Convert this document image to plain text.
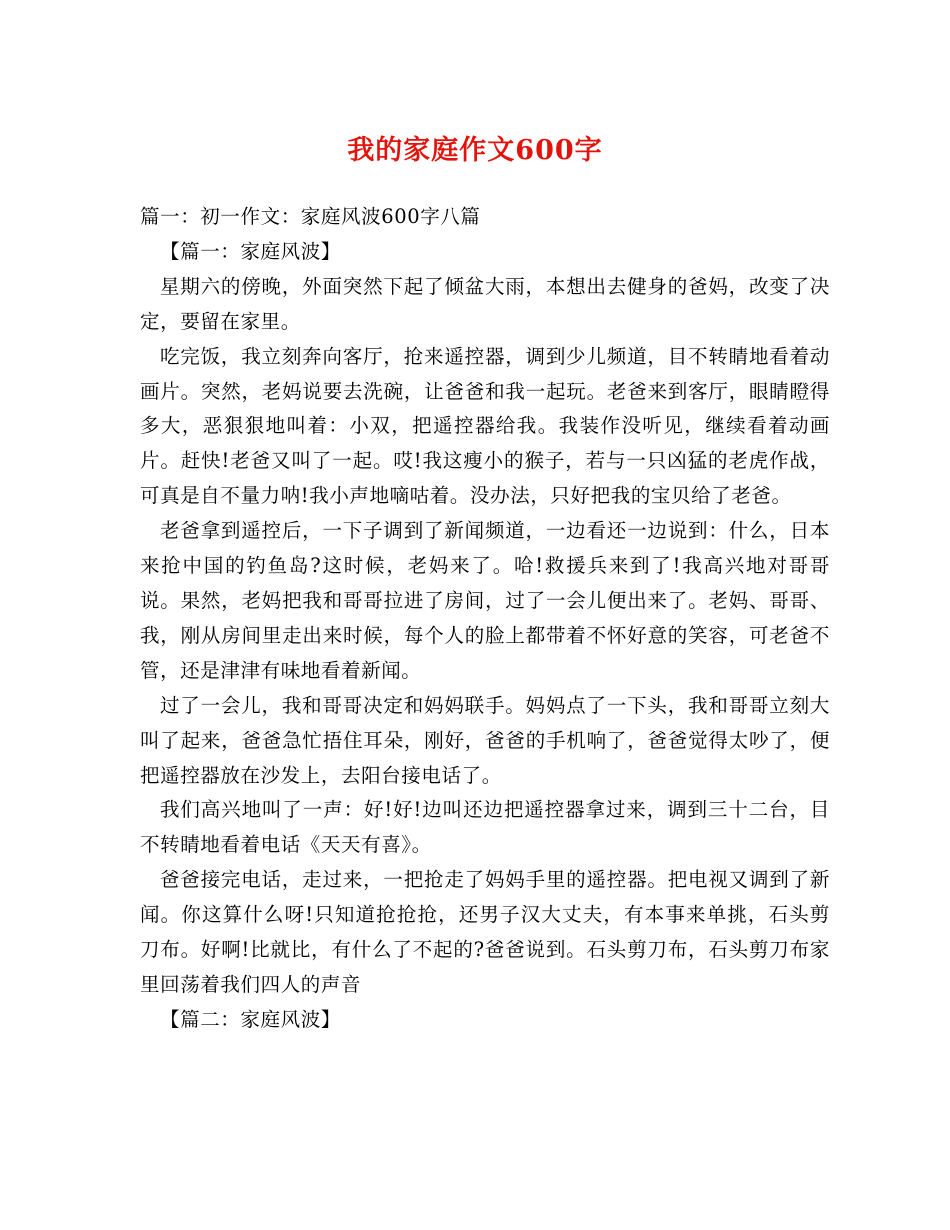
我的家庭作文600字

篇一：初一作文：家庭风波600字八篇

【篇一：家庭风波】

星期六的傍晚，外面突然下起了倾盆大雨，本想出去健身的爸妈，改变了决定，要留在家里。

吃完饭，我立刻奔向客厅，抢来遥控器，调到少儿频道，目不转睛地看着动画片。突然，老妈说要去洗碗，让爸爸和我一起玩。老爸来到客厅，眼睛瞪得多大，恶狠狠地叫着：小双，把遥控器给我。我装作没听见，继续看着动画片。赶快!老爸又叫了一起。哎!我这瘦小的猴子，若与一只凶猛的老虎作战，可真是自不量力呐!我小声地嘀咕着。没办法，只好把我的宝贝给了老爸。

老爸拿到遥控后，一下子调到了新闻频道，一边看还一边说到：什么，日本来抢中国的钓鱼岛?这时候，老妈来了。哈!救援兵来到了!我高兴地对哥哥说。果然，老妈把我和哥哥拉进了房间，过了一会儿便出来了。老妈、哥哥、我，刚从房间里走出来时候，每个人的脸上都带着不怀好意的笑容，可老爸不管，还是津津有味地看着新闻。

过了一会儿，我和哥哥决定和妈妈联手。妈妈点了一下头，我和哥哥立刻大叫了起来，爸爸急忙捂住耳朵，刚好，爸爸的手机响了，爸爸觉得太吵了，便把遥控器放在沙发上，去阳台接电话了。

我们高兴地叫了一声：好!好!边叫还边把遥控器拿过来，调到三十二台，目不转睛地看着电话《天天有喜》。

爸爸接完电话，走过来，一把抢走了妈妈手里的遥控器。把电视又调到了新闻。你这算什么呀!只知道抢抢抢，还男子汉大丈夫，有本事来单挑，石头剪刀布。好啊!比就比，有什么了不起的?爸爸说到。石头剪刀布，石头剪刀布家里回荡着我们四人的声音

【篇二：家庭风波】
